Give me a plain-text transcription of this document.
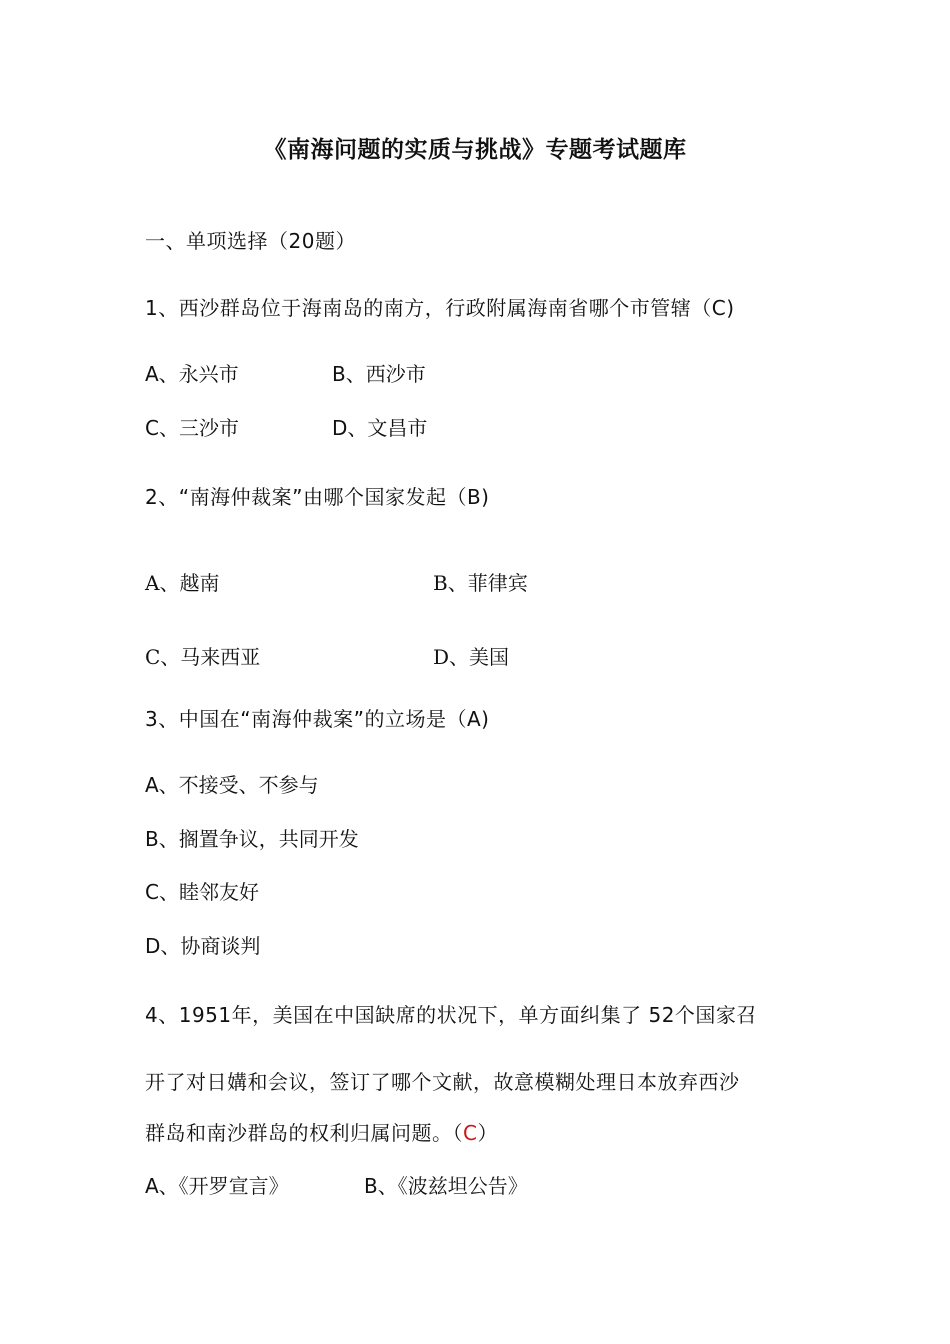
《南海问题的实质与挑战》专题考试题库
一、单项选择（20题）
1、西沙群岛位于海南岛的南方，行政附属海南省哪个市管辖（C)
A、永兴市	B、西沙市
C、三沙市	D、文昌市
2、“南海仲裁案”由哪个国家发起（B)
A、越南	B、菲律宾
C、马来西亚	D、美国
3、中国在“南海仲裁案”的立场是（A)
A、不接受、不参与
B、搁置争议，共同开发
C、睦邻友好
D、协商谈判
4、1951年，美国在中国缺席的状况下，单方面纠集了 52个国家召
开了对日媾和会议，签订了哪个文献，故意模糊处理日本放弃西沙
群岛和南沙群岛的权利归属问题。（C）
A、《开罗宣言》	B、《波兹坦公告》
